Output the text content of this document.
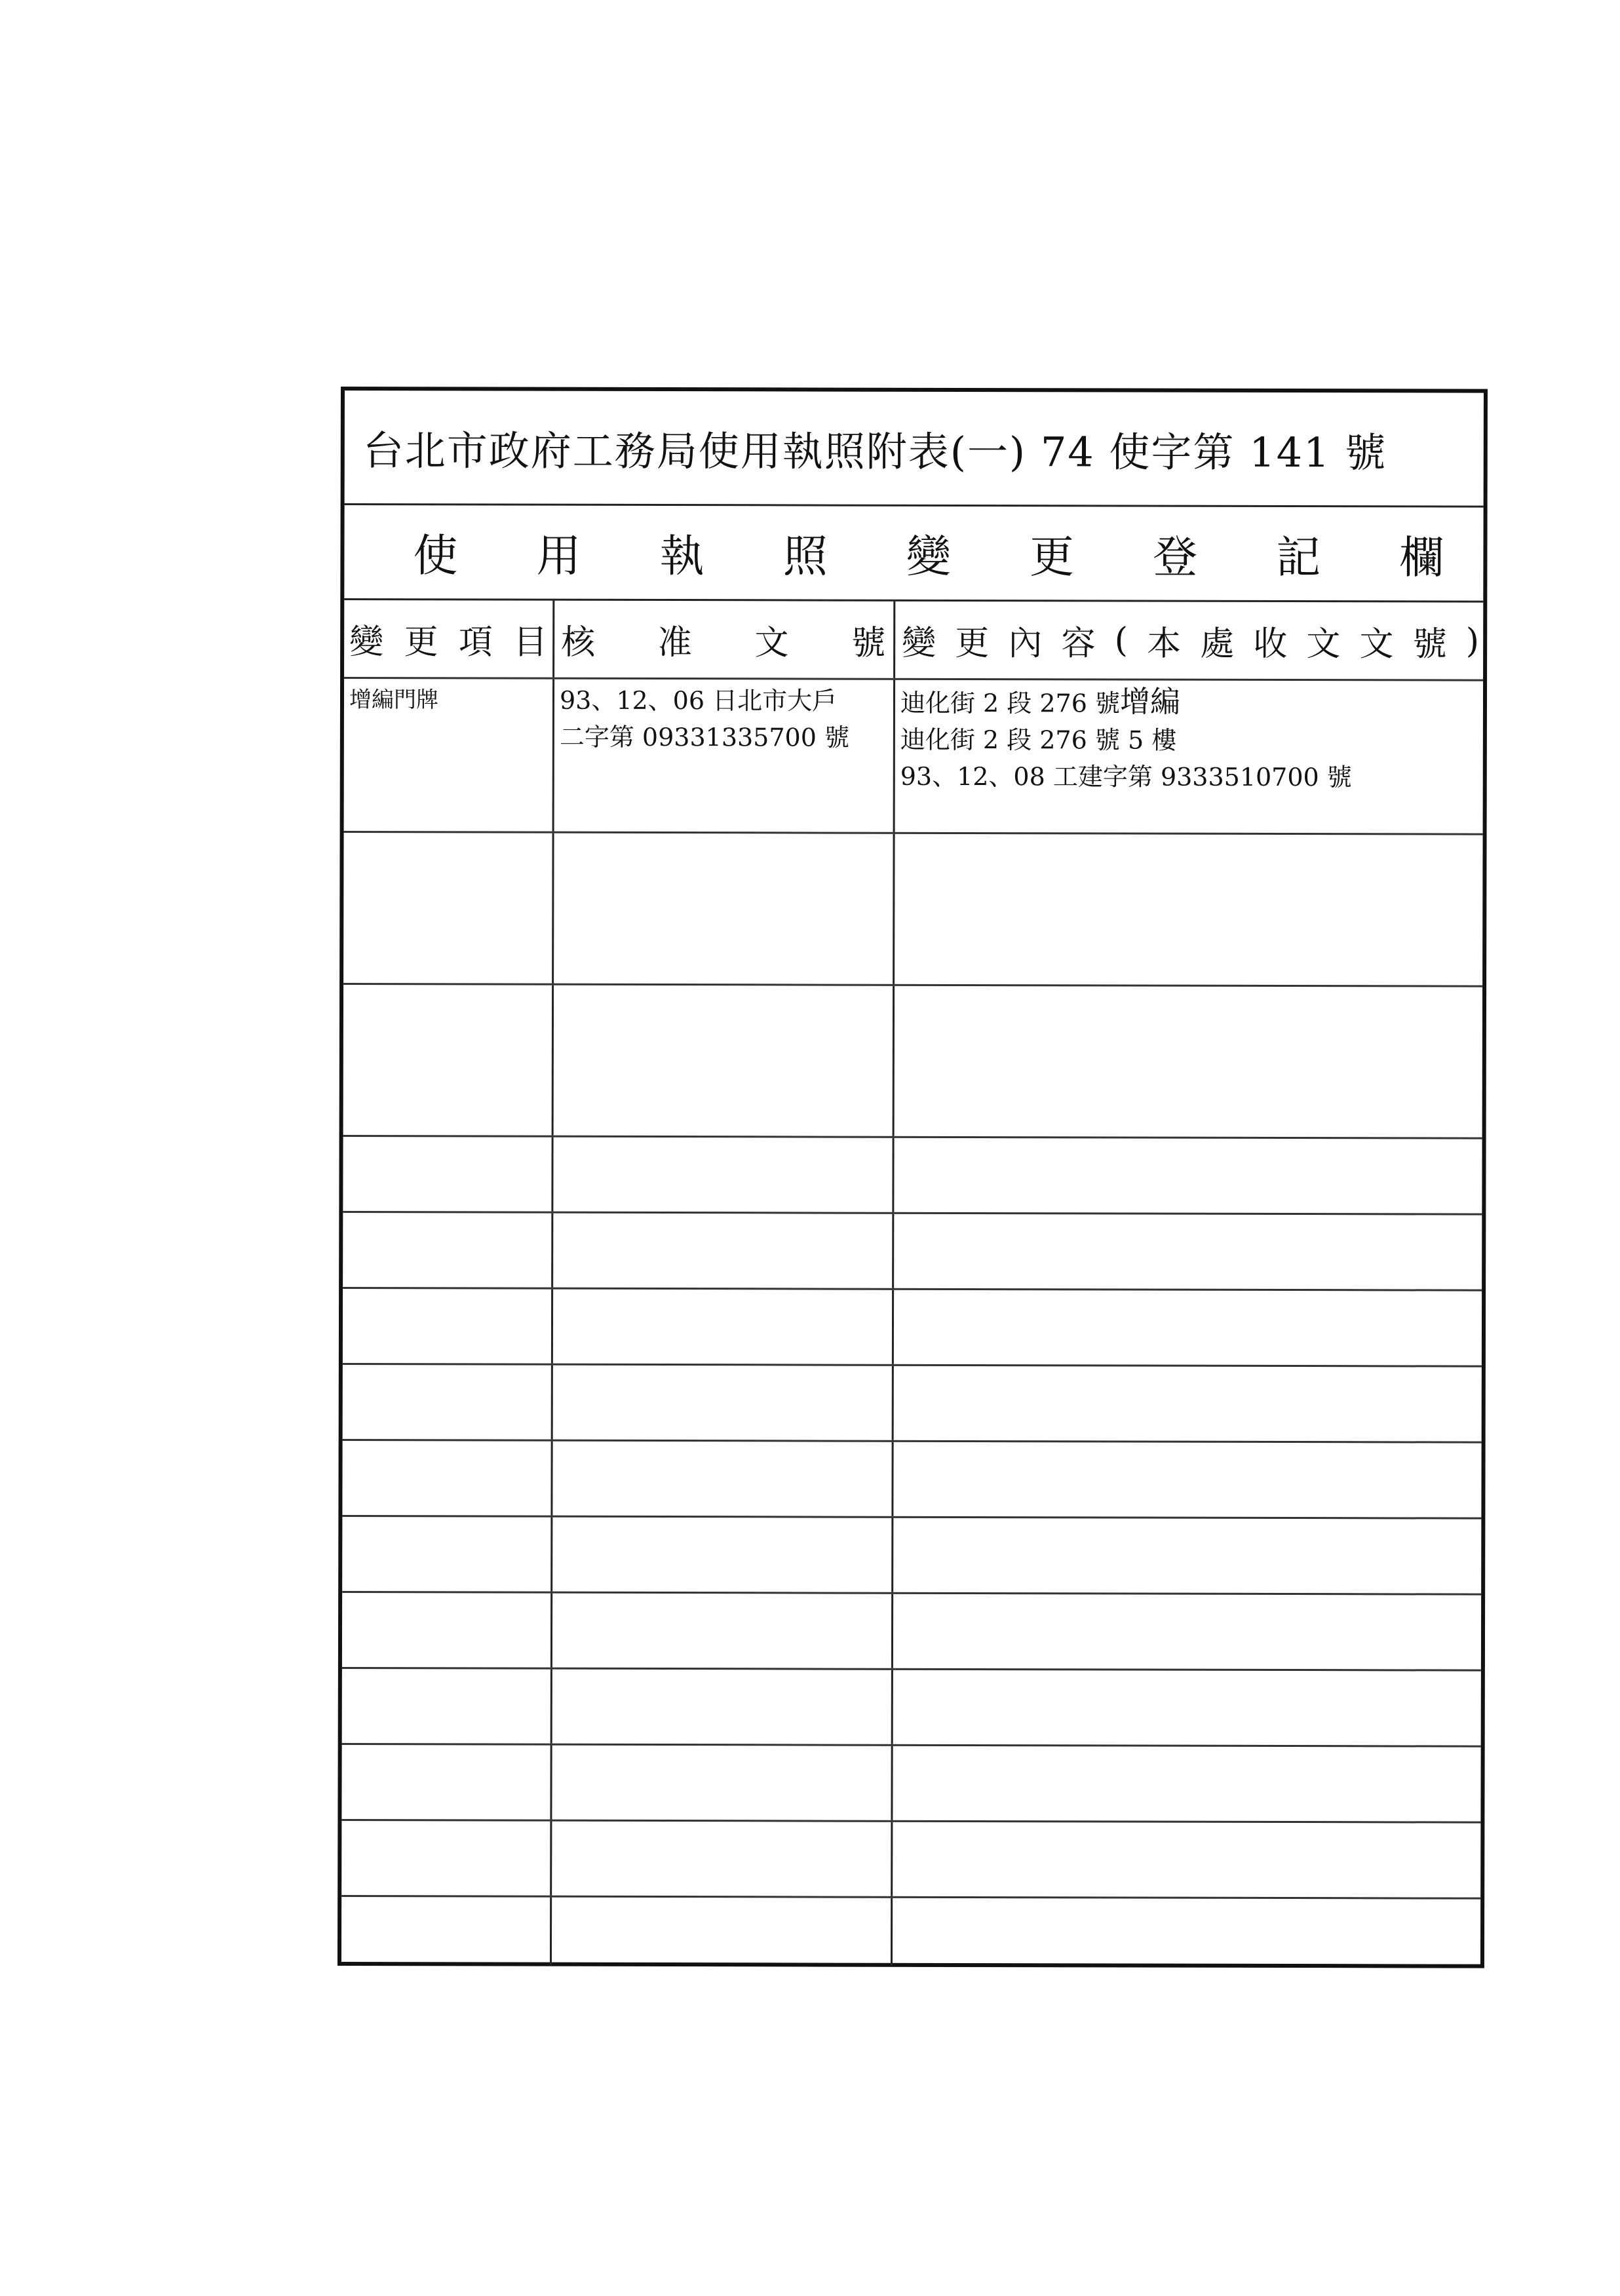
台北市政府工務局使用執照附表(一) 74 使字第 141 號
使 用 執 照 變 更 登 記 欄
變 更 項 目 核 准 文 號 變 更 內 容 ( 本 處 收 文 文 號 )
增編門牌	93、12、06 日北市大戶
二字第 09331335700 號
迪化街 2 段 276 號增編
迪化街 2 段 276 號 5 樓
93、12、08 工建字第 9333510700 號
